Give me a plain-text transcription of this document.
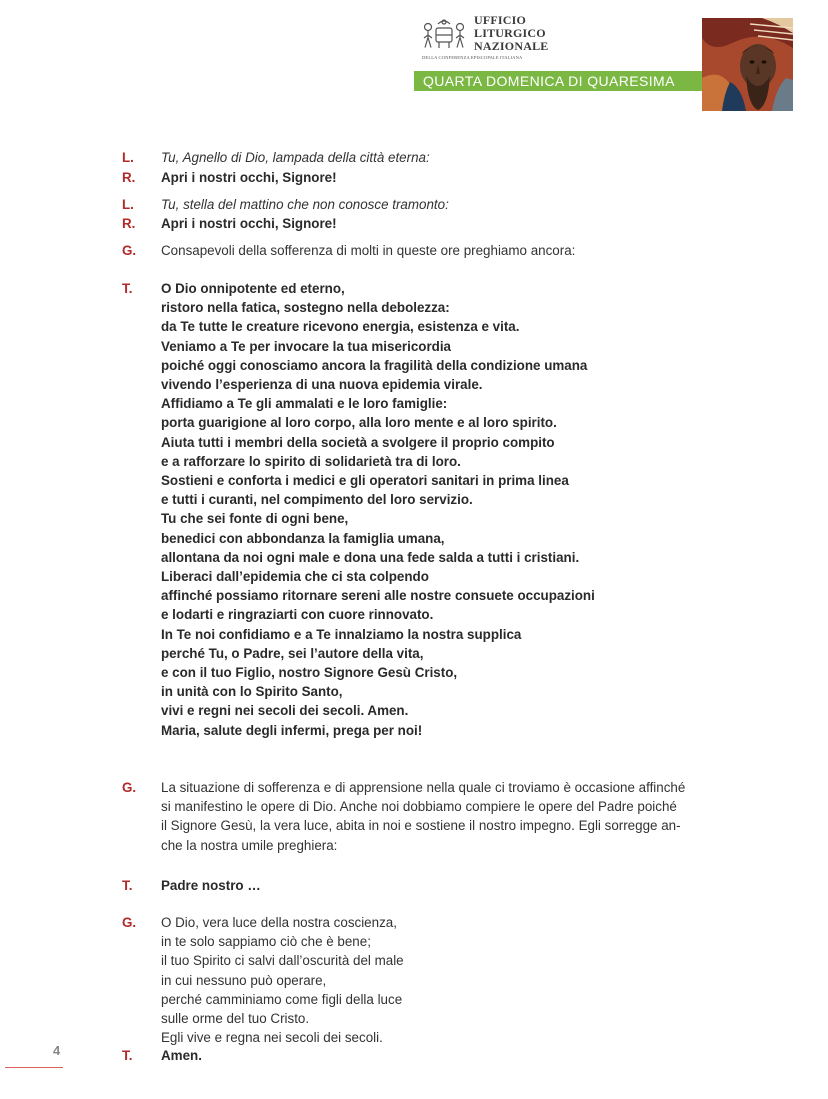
UFFICIO
LITURGICO
NAZIONALE
DELLA CONFERENZA EPISCOPALE ITALIANA
QUARTA DOMENICA DI QUARESIMA
L. Tu, Agnello di Dio, lampada della città eterna:
R. Apri i nostri occhi, Signore!
L. Tu, stella del mattino che non conosce tramonto:
R. Apri i nostri occhi, Signore!
G. Consapevoli della sofferenza di molti in queste ore preghiamo ancora:
T. O Dio onnipotente ed eterno,
ristoro nella fatica, sostegno nella debolezza:
da Te tutte le creature ricevono energia, esistenza e vita.
Veniamo a Te per invocare la tua misericordia
poiché oggi conosciamo ancora la fragilità della condizione umana
vivendo l’esperienza di una nuova epidemia virale.
Affidiamo a Te gli ammalati e le loro famiglie:
porta guarigione al loro corpo, alla loro mente e al loro spirito.
Aiuta tutti i membri della società a svolgere il proprio compito
e a rafforzare lo spirito di solidarietà tra di loro.
Sostieni e conforta i medici e gli operatori sanitari in prima linea
e tutti i curanti, nel compimento del loro servizio.
Tu che sei fonte di ogni bene,
benedici con abbondanza la famiglia umana,
allontana da noi ogni male e dona una fede salda a tutti i cristiani.
Liberaci dall’epidemia che ci sta colpendo
affinché possiamo ritornare sereni alle nostre consuete occupazioni
e lodarti e ringraziarti con cuore rinnovato.
In Te noi confidiamo e a Te innalziamo la nostra supplica
perché Tu, o Padre, sei l’autore della vita,
e con il tuo Figlio, nostro Signore Gesù Cristo,
in unità con lo Spirito Santo,
vivi e regni nei secoli dei secoli. Amen.
Maria, salute degli infermi, prega per noi!
G. La situazione di sofferenza e di apprensione nella quale ci troviamo è occasione affinché
si manifestino le opere di Dio. Anche noi dobbiamo compiere le opere del Padre poiché
il Signore Gesù, la vera luce, abita in noi e sostiene il nostro impegno. Egli sorregge an-
che la nostra umile preghiera:
T. Padre nostro …
G. O Dio, vera luce della nostra coscienza,
in te solo sappiamo ciò che è bene;
il tuo Spirito ci salvi dall’oscurità del male
in cui nessuno può operare,
perché camminiamo come figli della luce
sulle orme del tuo Cristo.
Egli vive e regna nei secoli dei secoli.
T. Amen.
4
